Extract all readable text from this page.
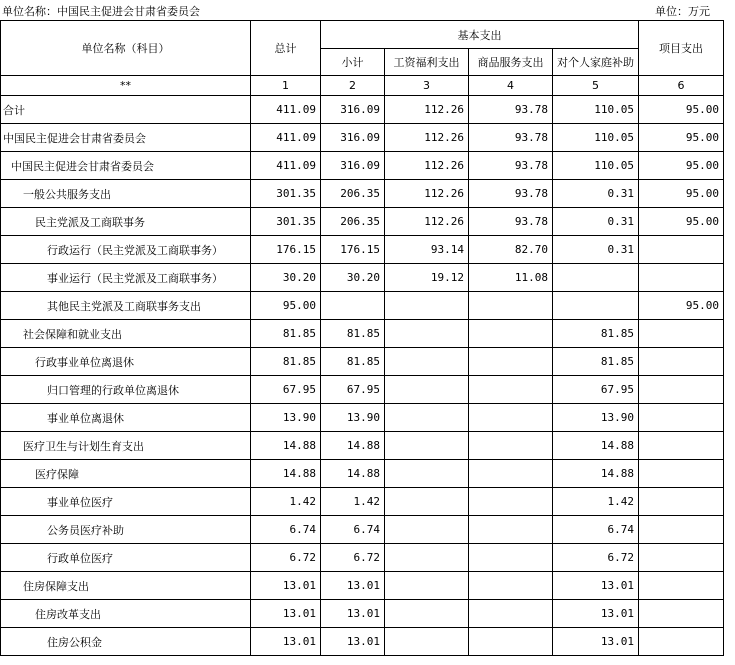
单位名称：中国民主促进会甘肃省委员会	单位：万元
单位名称（科目）	总计	基本支出				项目支出
		小计	工资福利支出	商品服务支出	对个人家庭补助	
**	1	2	3	4	5	6
合计	411.09	316.09	112.26	93.78	110.05	95.00
中国民主促进会甘肃省委员会	411.09	316.09	112.26	93.78	110.05	95.00
中国民主促进会甘肃省委员会	411.09	316.09	112.26	93.78	110.05	95.00
一般公共服务支出	301.35	206.35	112.26	93.78	0.31	95.00
民主党派及工商联事务	301.35	206.35	112.26	93.78	0.31	95.00
行政运行（民主党派及工商联事务）	176.15	176.15	93.14	82.70	0.31	
事业运行（民主党派及工商联事务）	30.20	30.20	19.12	11.08		
其他民主党派及工商联事务支出	95.00					95.00
社会保障和就业支出	81.85	81.85			81.85	
行政事业单位离退休	81.85	81.85			81.85	
归口管理的行政单位离退休	67.95	67.95			67.95	
事业单位离退休	13.90	13.90			13.90	
医疗卫生与计划生育支出	14.88	14.88			14.88	
医疗保障	14.88	14.88			14.88	
事业单位医疗	1.42	1.42			1.42	
公务员医疗补助	6.74	6.74			6.74	
行政单位医疗	6.72	6.72			6.72	
住房保障支出	13.01	13.01			13.01	
住房改革支出	13.01	13.01			13.01	
住房公积金	13.01	13.01			13.01	
